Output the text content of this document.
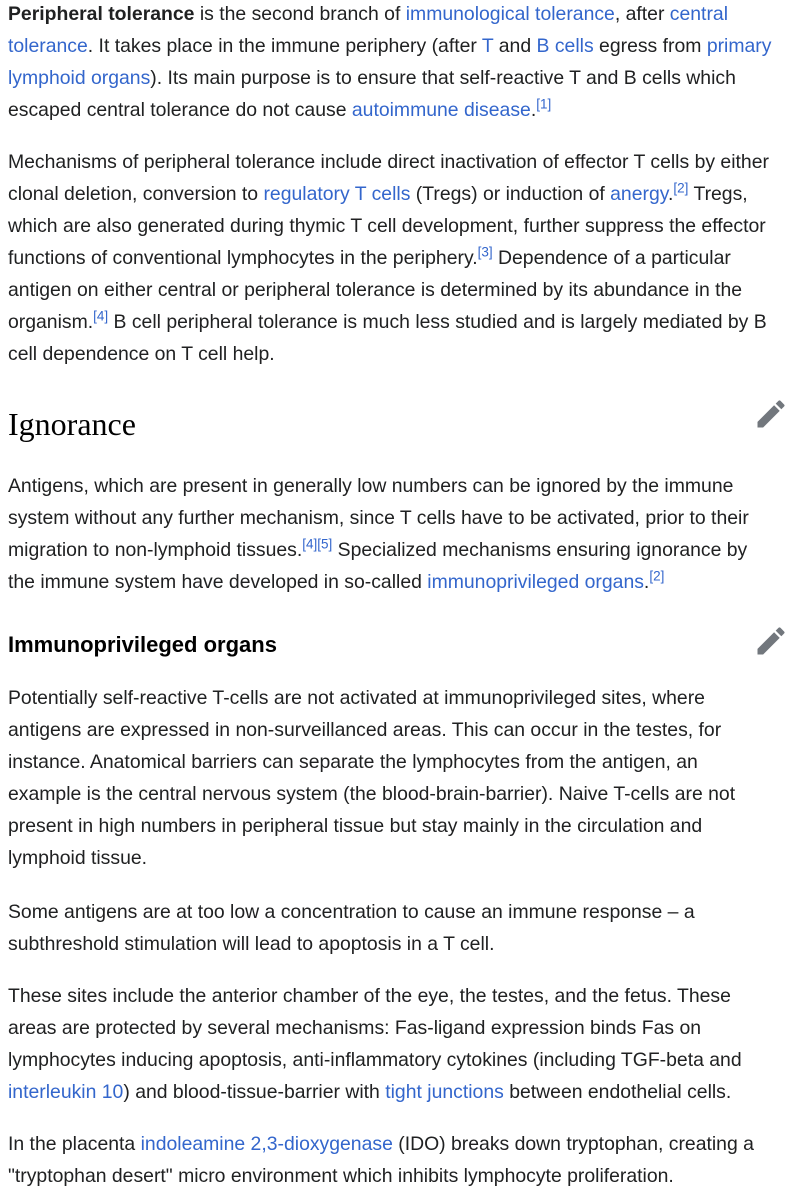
Peripheral tolerance is the second branch of immunological tolerance, after central
tolerance. It takes place in the immune periphery (after T and B cells egress from primary
lymphoid organs). Its main purpose is to ensure that self-reactive T and B cells which
escaped central tolerance do not cause autoimmune disease.[1]
Mechanisms of peripheral tolerance include direct inactivation of effector T cells by either
clonal deletion, conversion to regulatory T cells (Tregs) or induction of anergy.[2] Tregs,
which are also generated during thymic T cell development, further suppress the effector
functions of conventional lymphocytes in the periphery.[3] Dependence of a particular
antigen on either central or peripheral tolerance is determined by its abundance in the
organism.[4] B cell peripheral tolerance is much less studied and is largely mediated by B
cell dependence on T cell help.
Ignorance
Antigens, which are present in generally low numbers can be ignored by the immune
system without any further mechanism, since T cells have to be activated, prior to their
migration to non-lymphoid tissues.[4][5] Specialized mechanisms ensuring ignorance by
the immune system have developed in so-called immunoprivileged organs.[2]
Immunoprivileged organs
Potentially self-reactive T-cells are not activated at immunoprivileged sites, where
antigens are expressed in non-surveillanced areas. This can occur in the testes, for
instance. Anatomical barriers can separate the lymphocytes from the antigen, an
example is the central nervous system (the blood-brain-barrier). Naive T-cells are not
present in high numbers in peripheral tissue but stay mainly in the circulation and
lymphoid tissue.
Some antigens are at too low a concentration to cause an immune response – a
subthreshold stimulation will lead to apoptosis in a T cell.
These sites include the anterior chamber of the eye, the testes, and the fetus. These
areas are protected by several mechanisms: Fas-ligand expression binds Fas on
lymphocytes inducing apoptosis, anti-inflammatory cytokines (including TGF-beta and
interleukin 10) and blood-tissue-barrier with tight junctions between endothelial cells.
In the placenta indoleamine 2,3-dioxygenase (IDO) breaks down tryptophan, creating a
"tryptophan desert" micro environment which inhibits lymphocyte proliferation.
